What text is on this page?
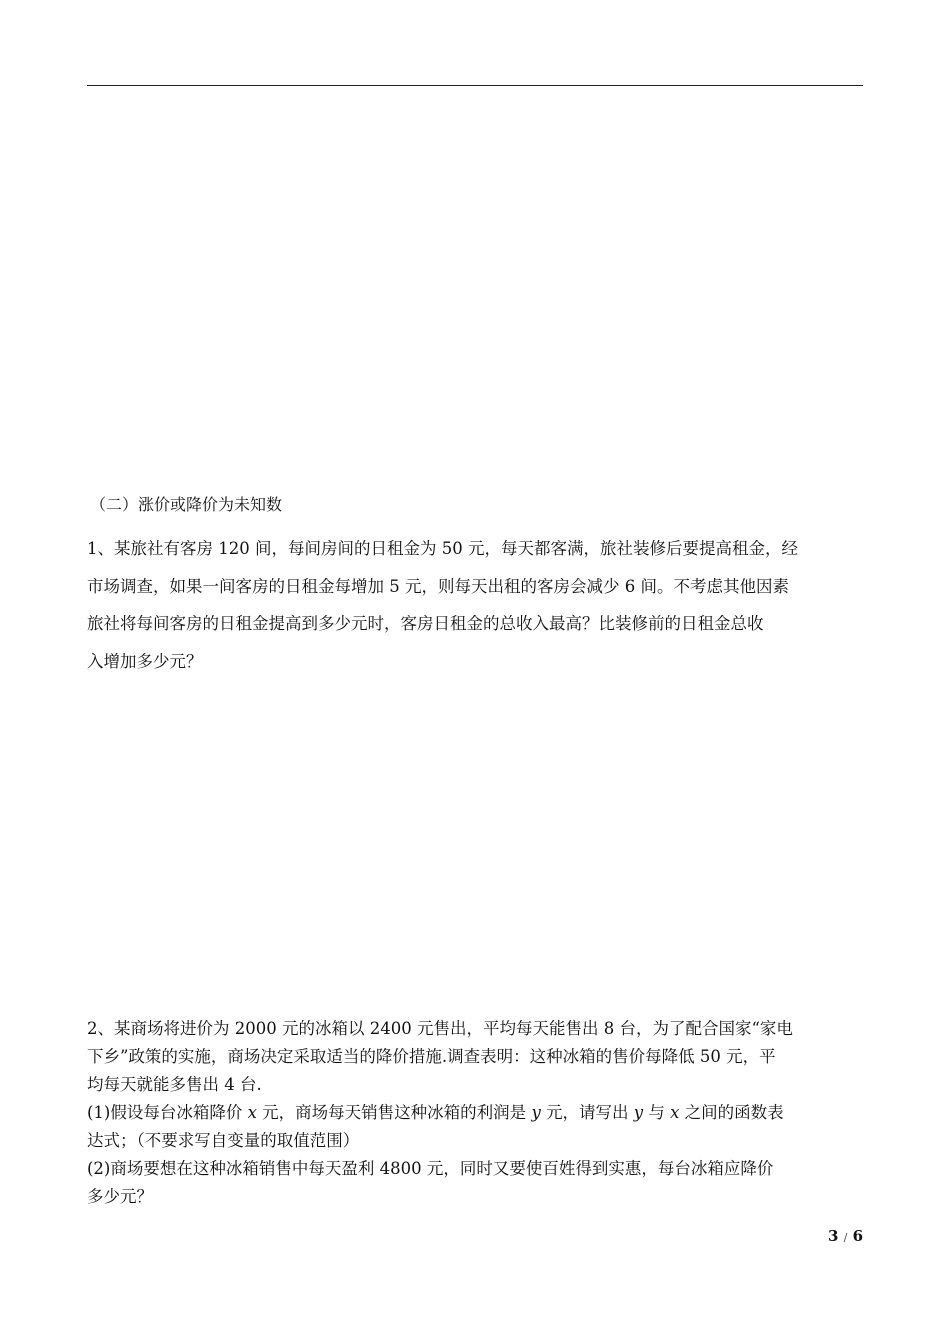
（二）涨价或降价为未知数
1、某旅社有客房 120 间，每间房间的日租金为 50 元，每天都客满，旅社装修后要提高租金，经
市场调查，如果一间客房的日租金每增加 5 元，则每天出租的客房会减少 6 间。不考虑其他因素
旅社将每间客房的日租金提高到多少元时，客房日租金的总收入最高？比装修前的日租金总收
入增加多少元？
2、某商场将进价为 2000 元的冰箱以 2400 元售出，平均每天能售出 8 台，为了配合国家“家电
下乡”政策的实施，商场决定采取适当的降价措施.调查表明：这种冰箱的售价每降低 50 元，平
均每天就能多售出 4 台.
(1)假设每台冰箱降价 x 元，商场每天销售这种冰箱的利润是 y 元，请写出 y 与 x 之间的函数表
达式；（不要求写自变量的取值范围）
(2)商场要想在这种冰箱销售中每天盈利 4800 元，同时又要使百姓得到实惠，每台冰箱应降价
多少元？
3 / 6
